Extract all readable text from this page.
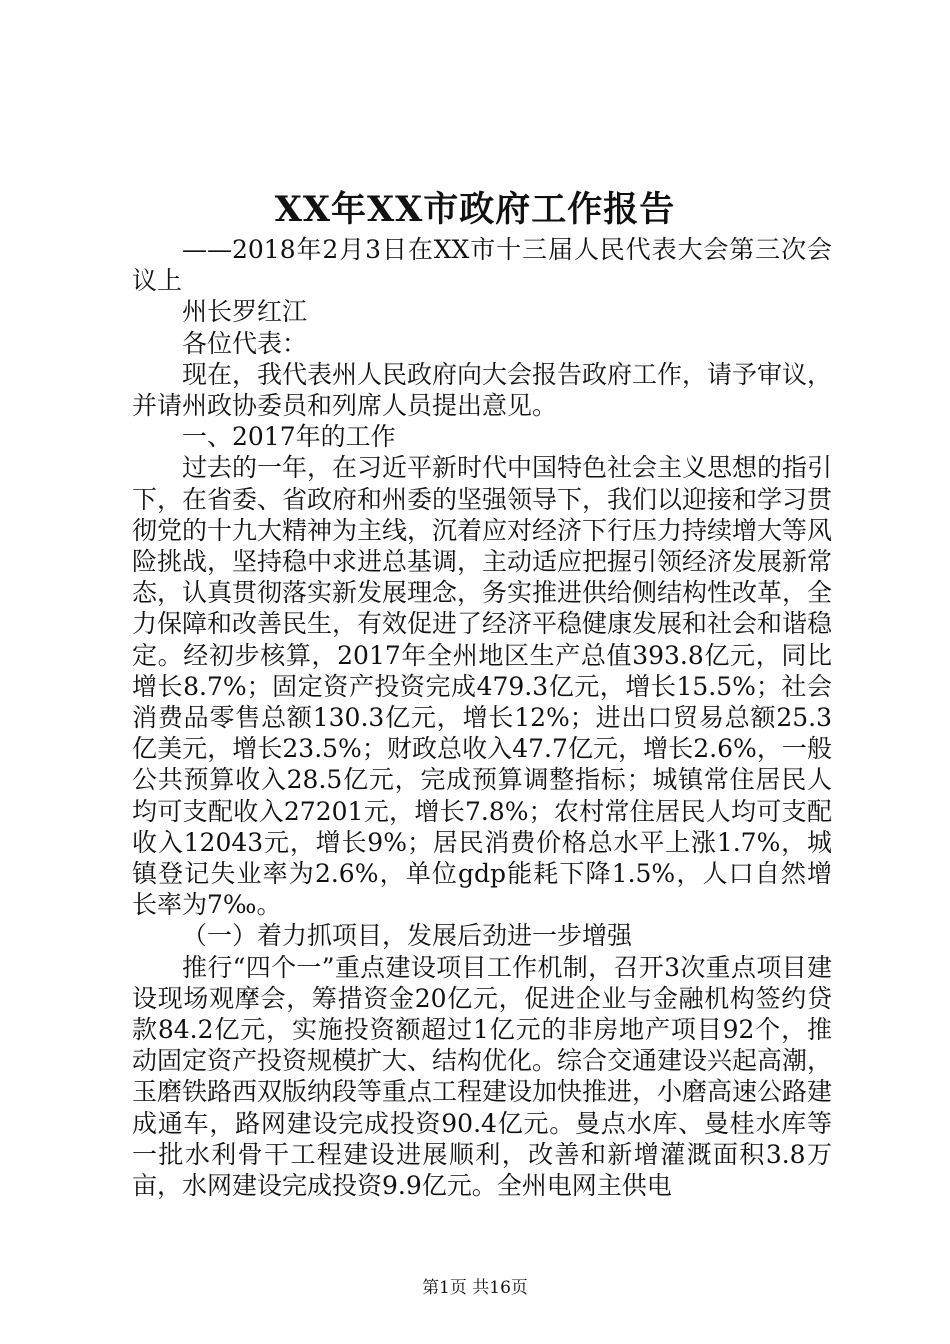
XX年XX市政府工作报告

——2018年2月3日在XX市十三届人民代表大会第三次会议上

州长罗红江

各位代表：

现在，我代表州人民政府向大会报告政府工作，请予审议，并请州政协委员和列席人员提出意见。

一、2017年的工作

过去的一年，在习近平新时代中国特色社会主义思想的指引下，在省委、省政府和州委的坚强领导下，我们以迎接和学习贯彻党的十九大精神为主线，沉着应对经济下行压力持续增大等风险挑战，坚持稳中求进总基调，主动适应把握引领经济发展新常态，认真贯彻落实新发展理念，务实推进供给侧结构性改革，全力保障和改善民生，有效促进了经济平稳健康发展和社会和谐稳定。经初步核算，2017年全州地区生产总值393.8亿元，同比增长8.7%；固定资产投资完成479.3亿元，增长15.5%；社会消费品零售总额130.3亿元，增长12%；进出口贸易总额25.3亿美元，增长23.5%；财政总收入47.7亿元，增长2.6%，一般公共预算收入28.5亿元，完成预算调整指标；城镇常住居民人均可支配收入27201元，增长7.8%；农村常住居民人均可支配收入12043元，增长9%；居民消费价格总水平上涨1.7%，城镇登记失业率为2.6%，单位gdp能耗下降1.5%，人口自然增长率为7‰。

（一）着力抓项目，发展后劲进一步增强

推行“四个一”重点建设项目工作机制，召开3次重点项目建设现场观摩会，筹措资金20亿元，促进企业与金融机构签约贷款84.2亿元，实施投资额超过1亿元的非房地产项目92个，推动固定资产投资规模扩大、结构优化。综合交通建设兴起高潮，玉磨铁路西双版纳段等重点工程建设加快推进，小磨高速公路建成通车，路网建设完成投资90.4亿元。曼点水库、曼桂水库等一批水利骨干工程建设进展顺利，改善和新增灌溉面积3.8万亩，水网建设完成投资9.9亿元。全州电网主供电

第1页 共16页
